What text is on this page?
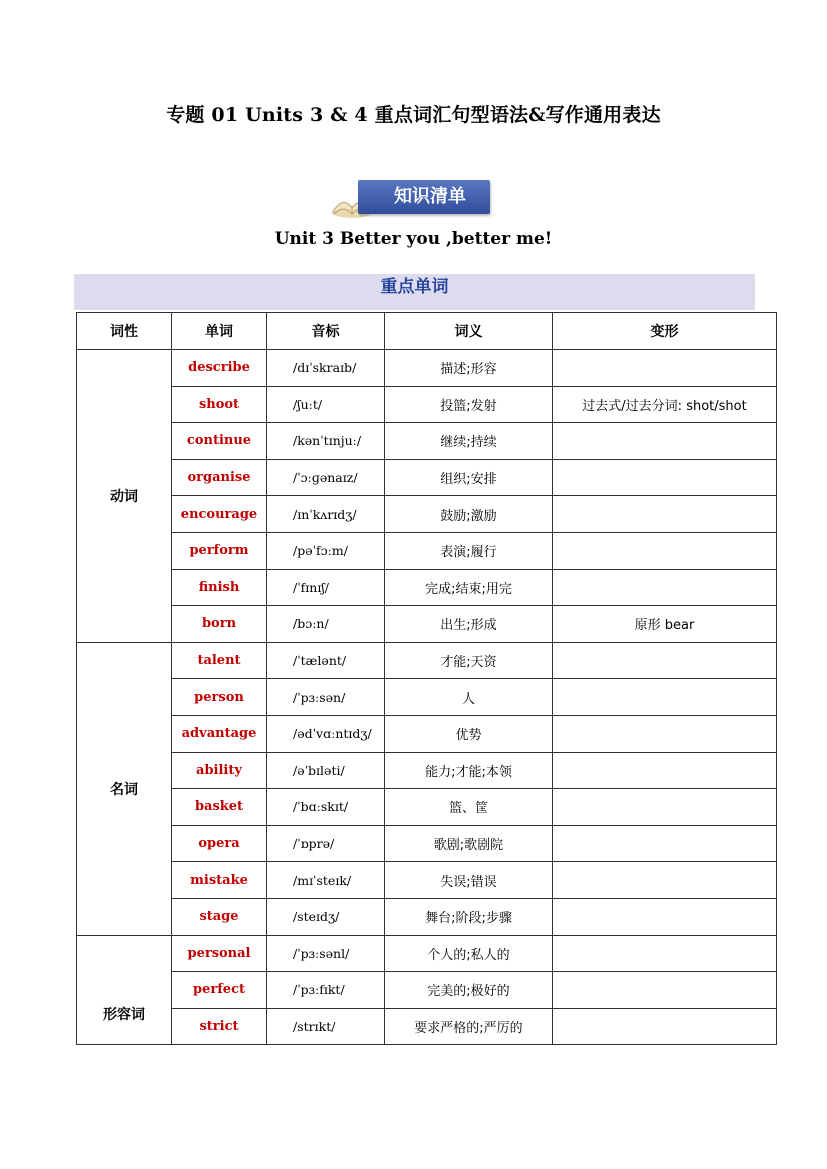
专题 01 Units 3 & 4 重点词汇句型语法&写作通用表达
知识清单
Unit 3 Better you ,better me!
重点单词
词性	单词	音标	词义	变形
动词	describe	/dɪˈskraɪb/	描述;形容	
	shoot	/ʃuːt/	投篮;发射	过去式/过去分词: shot/shot
	continue	/kənˈtɪnjuː/	继续;持续	
	organise	/ˈɔːɡənaɪz/	组织;安排	
	encourage	/ɪnˈkʌrɪdʒ/	鼓励;激励	
	perform	/pəˈfɔːm/	表演;履行	
	finish	/ˈfɪnɪʃ/	完成;结束;用完	
	born	/bɔːn/	出生;形成	原形 bear
名词	talent	/ˈtælənt/	才能;天资	
	person	/ˈpɜːsən/	人	
	advantage	/ədˈvɑːntɪdʒ/	优势	
	ability	/əˈbɪləti/	能力;才能;本领	
	basket	/ˈbɑːskɪt/	篮、筐	
	opera	/ˈɒprə/	歌剧;歌剧院	
	mistake	/mɪˈsteɪk/	失误;错误	
	stage	/steɪdʒ/	舞台;阶段;步骤	
形容词	personal	/ˈpɜːsənl/	个人的;私人的	
	perfect	/ˈpɜːfɪkt/	完美的;极好的	
	strict	/strɪkt/	要求严格的;严厉的	
